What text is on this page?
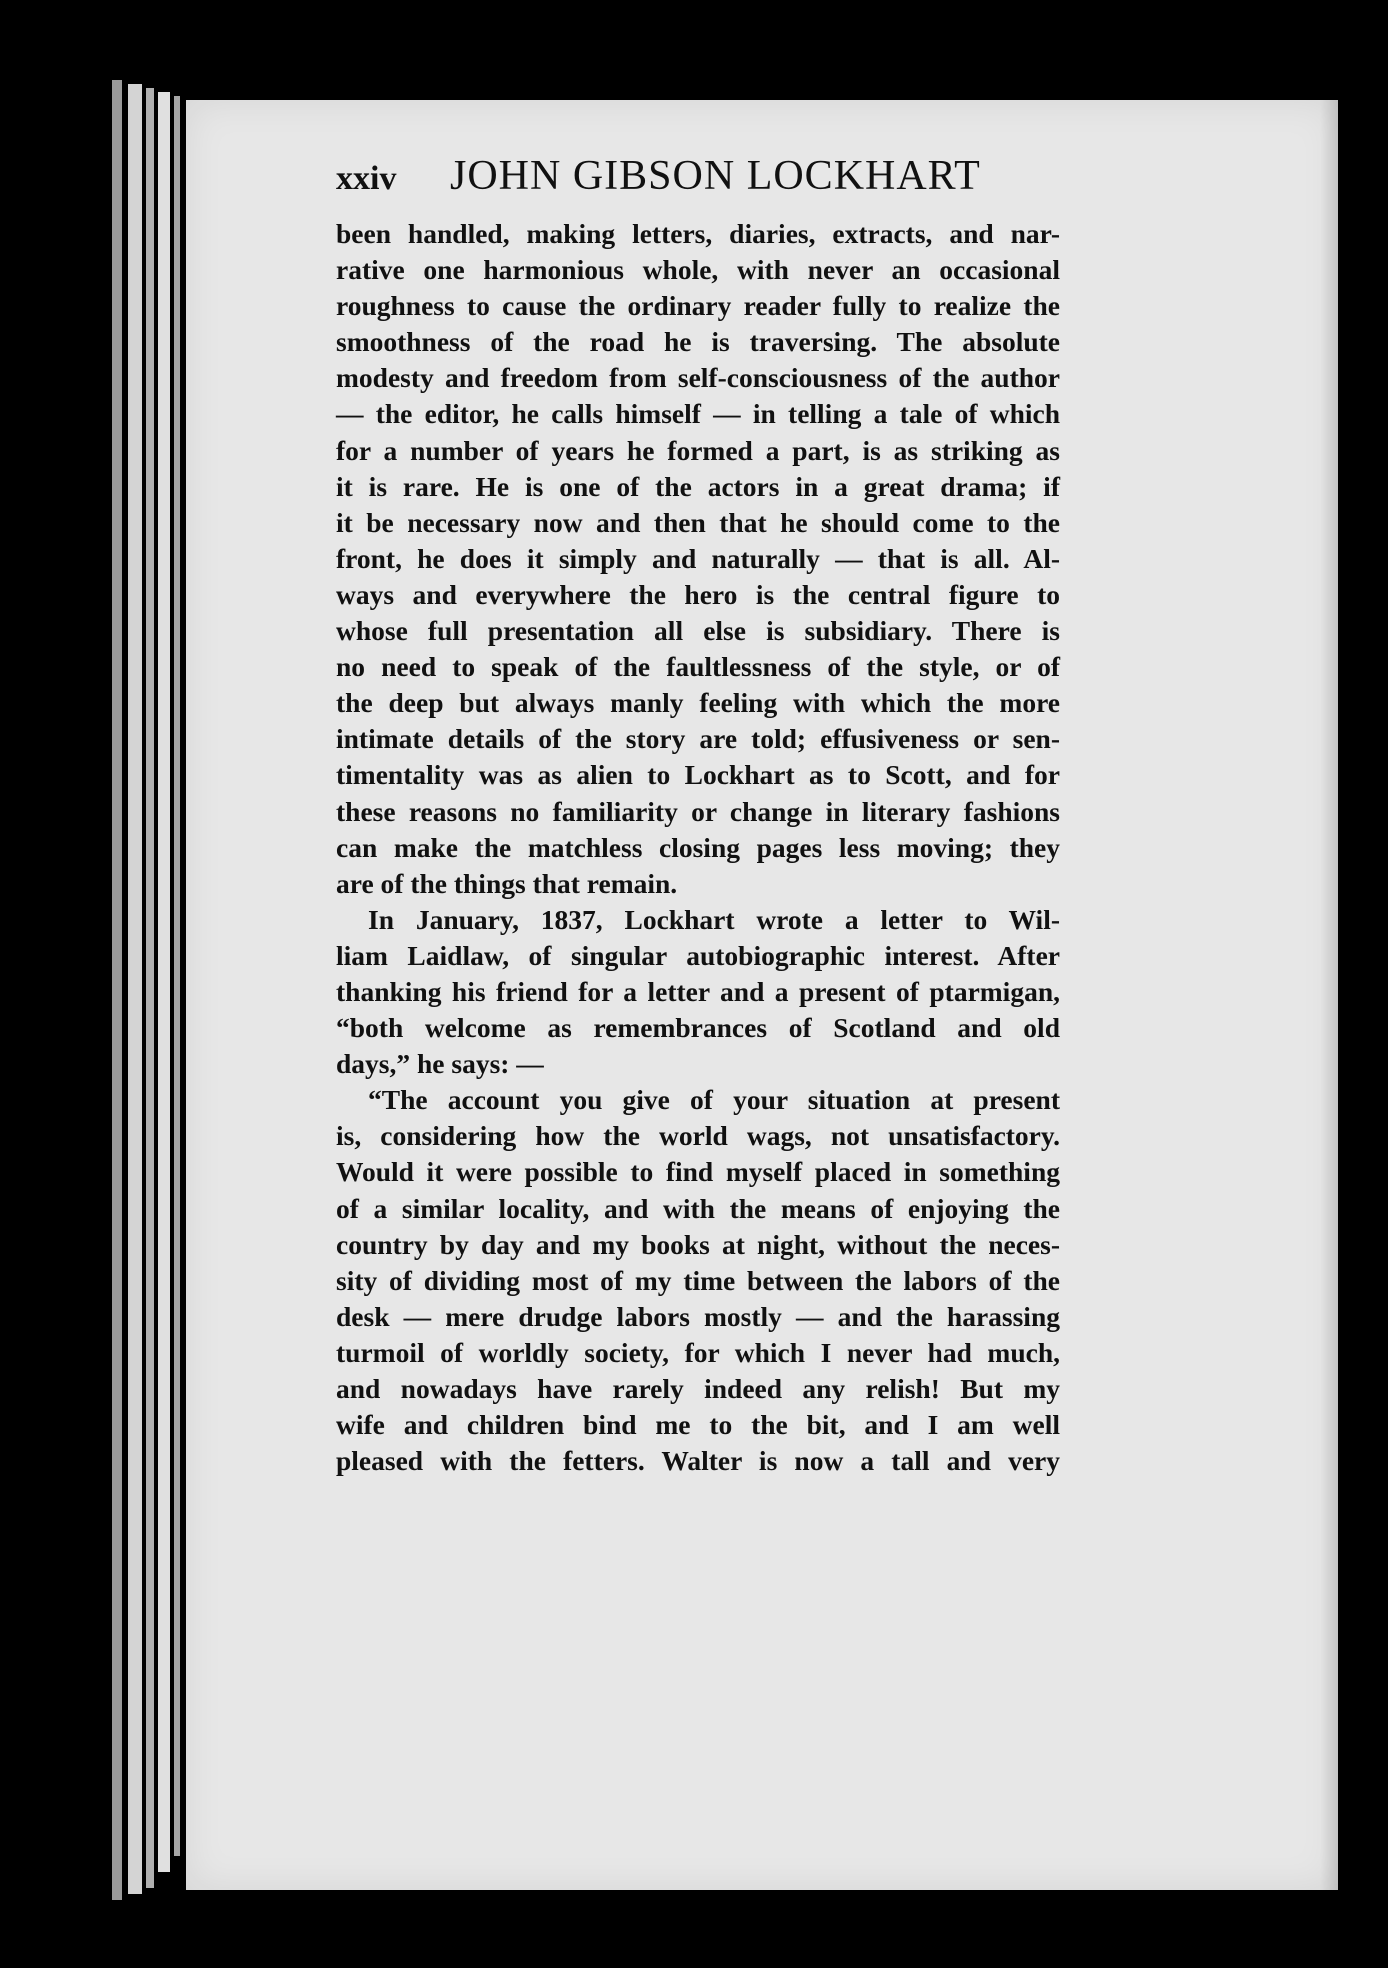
xxiv JOHN GIBSON LOCKHART
been handled, making letters, diaries, extracts, and nar-
rative one harmonious whole, with never an occasional
roughness to cause the ordinary reader fully to realize the
smoothness of the road he is traversing. The absolute
modesty and freedom from self-consciousness of the author
— the editor, he calls himself — in telling a tale of which
for a number of years he formed a part, is as striking as
it is rare. He is one of the actors in a great drama; if
it be necessary now and then that he should come to the
front, he does it simply and naturally — that is all. Al-
ways and everywhere the hero is the central figure to
whose full presentation all else is subsidiary. There is
no need to speak of the faultlessness of the style, or of
the deep but always manly feeling with which the more
intimate details of the story are told; effusiveness or sen-
timentality was as alien to Lockhart as to Scott, and for
these reasons no familiarity or change in literary fashions
can make the matchless closing pages less moving; they
are of the things that remain.
In January, 1837, Lockhart wrote a letter to Wil-
liam Laidlaw, of singular autobiographic interest. After
thanking his friend for a letter and a present of ptarmigan,
“both welcome as remembrances of Scotland and old
days,” he says: —
“The account you give of your situation at present
is, considering how the world wags, not unsatisfactory.
Would it were possible to find myself placed in something
of a similar locality, and with the means of enjoying the
country by day and my books at night, without the neces-
sity of dividing most of my time between the labors of the
desk — mere drudge labors mostly — and the harassing
turmoil of worldly society, for which I never had much,
and nowadays have rarely indeed any relish! But my
wife and children bind me to the bit, and I am well
pleased with the fetters. Walter is now a tall and very
